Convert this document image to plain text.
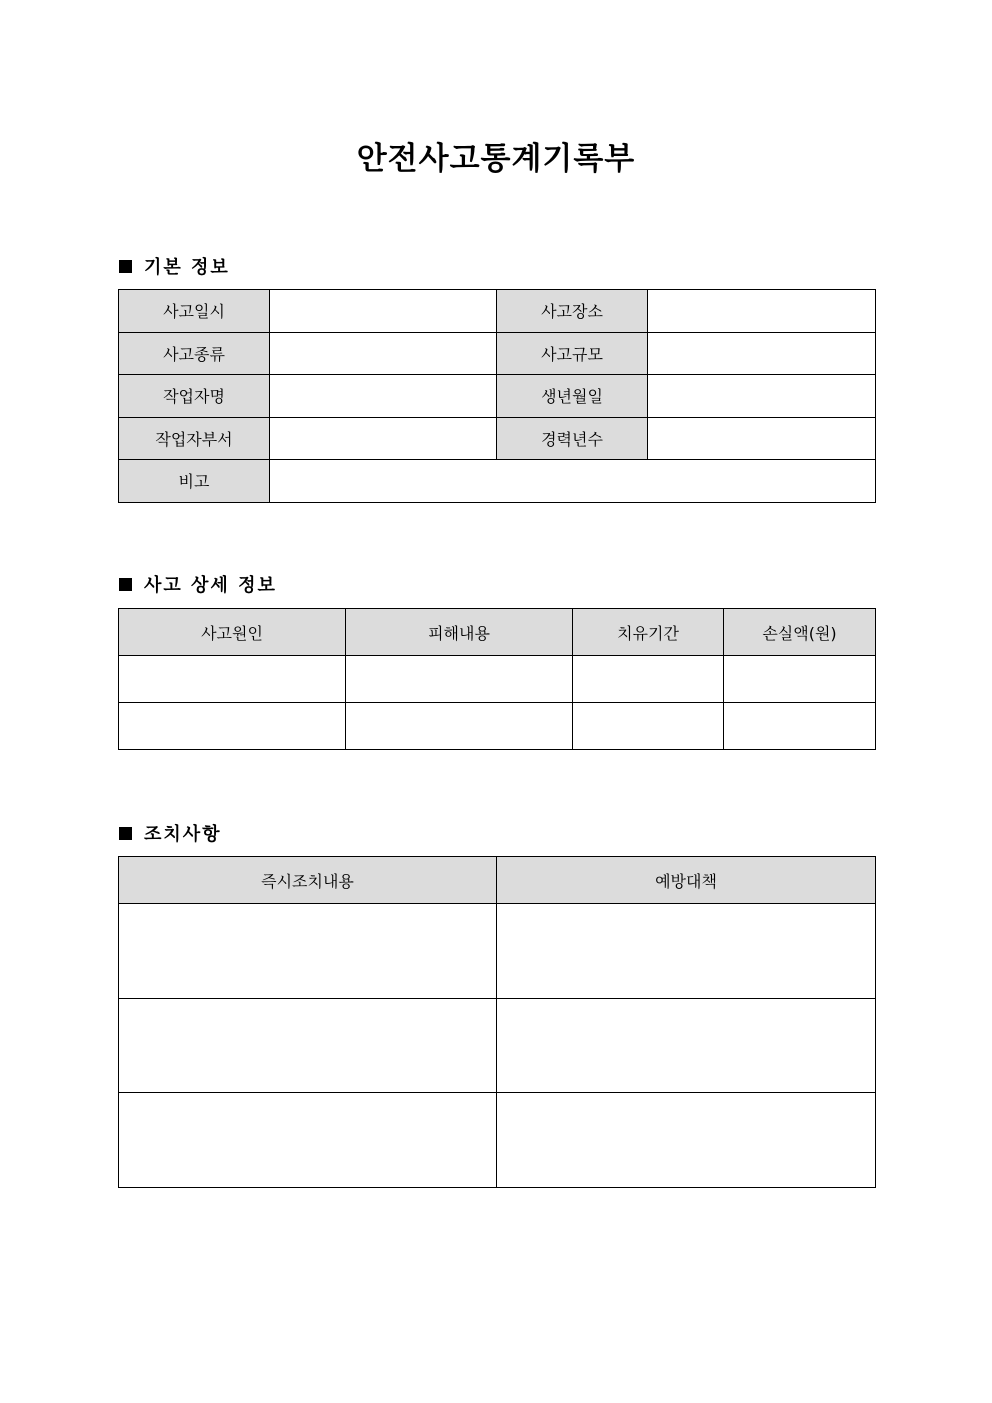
안전사고통계기록부
기본 정보
사고일시		사고장소	
사고종류		사고규모	
작업자명		생년월일	
작업자부서		경력년수	
비고			
사고 상세 정보
사고원인	피해내용	치유기간	손실액(원)

조치사항
즉시조치내용	예방대책
